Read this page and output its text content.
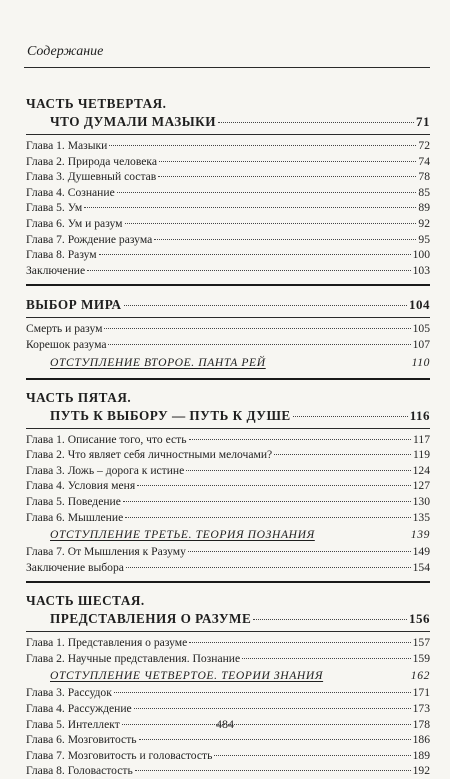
Содержание
ЧАСТЬ ЧЕТВЕРТАЯ.
ЧТО ДУМАЛИ МАЗЫКИ	71
Глава 1. Мазыки	72
Глава 2. Природа человека	74
Глава 3. Душевный состав	78
Глава 4. Сознание	85
Глава 5. Ум	89
Глава 6. Ум и разум	92
Глава 7. Рождение разума	95
Глава 8. Разум	100
Заключение	103
ВЫБОР МИРА	104
Смерть и разум	105
Корешок разума	107
ОТСТУПЛЕНИЕ ВТОРОЕ. ПАНТА РЕЙ	110
ЧАСТЬ ПЯТАЯ.
ПУТЬ К ВЫБОРУ — ПУТЬ К ДУШЕ	116
Глава 1. Описание того, что есть	117
Глава 2. Что являет себя личностными мелочами?	119
Глава 3. Ложь – дорога к истине	124
Глава 4. Условия меня	127
Глава 5. Поведение	130
Глава 6. Мышление	135
ОТСТУПЛЕНИЕ ТРЕТЬЕ. ТЕОРИЯ ПОЗНАНИЯ	139
Глава 7. От Мышления к Разуму	149
Заключение выбора	154
ЧАСТЬ ШЕСТАЯ.
ПРЕДСТАВЛЕНИЯ О РАЗУМЕ	156
Глава 1. Представления о разуме	157
Глава 2. Научные представления. Познание	159
ОТСТУПЛЕНИЕ ЧЕТВЕРТОЕ. ТЕОРИИ ЗНАНИЯ	162
Глава 3. Рассудок	171
Глава 4. Рассуждение	173
Глава 5. Интеллект	178
Глава 6. Мозговитость	186
Глава 7. Мозговитость и головастость	189
Глава 8. Головастость	192
484
